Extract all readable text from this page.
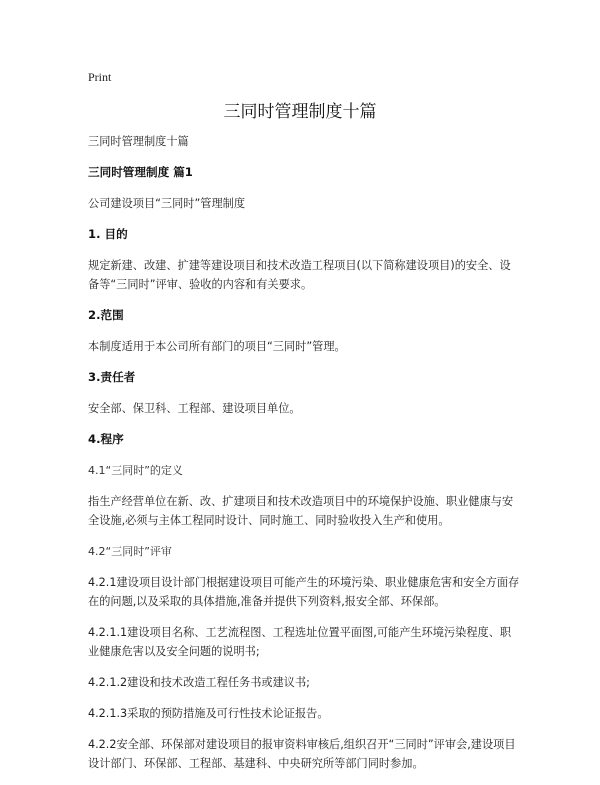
Print
三同时管理制度十篇

三同时管理制度十篇

三同时管理制度 篇1

公司建设项目“三同时”管理制度

1. 目的

规定新建、改建、扩建等建设项目和技术改造工程项目(以下简称建设项目)的安全、设备等“三同时”评审、验收的内容和有关要求。

2.范围

本制度适用于本公司所有部门的项目“三同时”管理。

3.责任者

安全部、保卫科、工程部、建设项目单位。

4.程序

4.1“三同时”的定义

指生产经营单位在新、改、扩建项目和技术改造项目中的环境保护设施、职业健康与安全设施,必须与主体工程同时设计、同时施工、同时验收投入生产和使用。

4.2“三同时”评审

4.2.1建设项目设计部门根据建设项目可能产生的环境污染、职业健康危害和安全方面存在的问题,以及采取的具体措施,准备并提供下列资料,报安全部、环保部。

4.2.1.1建设项目名称、工艺流程图、工程选址位置平面图,可能产生环境污染程度、职业健康危害以及安全问题的说明书;

4.2.1.2建设和技术改造工程任务书或建议书;

4.2.1.3采取的预防措施及可行性技术论证报告。

4.2.2安全部、环保部对建设项目的报审资料审核后,组织召开“三同时”评审会,建设项目设计部门、环保部、工程部、基建科、中央研究所等部门同时参加。
